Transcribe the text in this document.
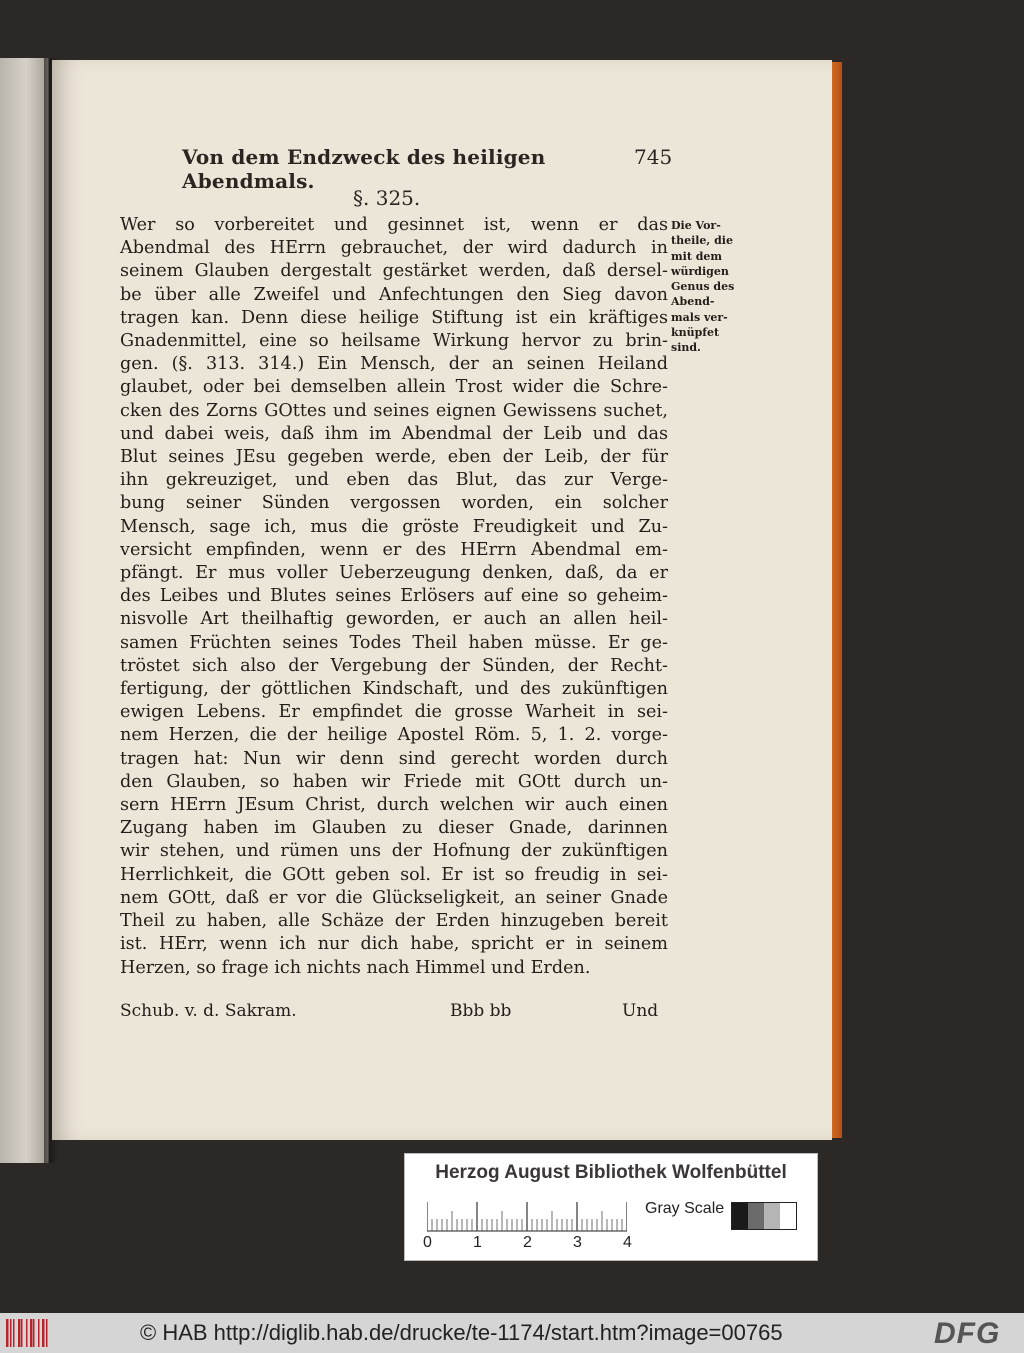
Von dem Endzweck des heiligen Abendmals.
745
§. 325.
Wer so vorbereitet und gesinnet ist, wenn er das
Abendmal des HErrn gebrauchet, der wird dadurch in
seinem Glauben dergestalt gestärket werden, daß dersel-
be über alle Zweifel und Anfechtungen den Sieg davon
tragen kan. Denn diese heilige Stiftung ist ein kräftiges
Gnadenmittel, eine so heilsame Wirkung hervor zu brin-
gen. (§. 313. 314.) Ein Mensch, der an seinen Heiland
glaubet, oder bei demselben allein Trost wider die Schre-
cken des Zorns GOttes und seines eignen Gewissens suchet,
und dabei weis, daß ihm im Abendmal der Leib und das
Blut seines JEsu gegeben werde, eben der Leib, der für
ihn gekreuziget, und eben das Blut, das zur Verge-
bung seiner Sünden vergossen worden, ein solcher
Mensch, sage ich, mus die gröste Freudigkeit und Zu-
versicht empfinden, wenn er des HErrn Abendmal em-
pfängt. Er mus voller Ueberzeugung denken, daß, da er
des Leibes und Blutes seines Erlösers auf eine so geheim-
nisvolle Art theilhaftig geworden, er auch an allen heil-
samen Früchten seines Todes Theil haben müsse. Er ge-
tröstet sich also der Vergebung der Sünden, der Recht-
fertigung, der göttlichen Kindschaft, und des zukünftigen
ewigen Lebens. Er empfindet die grosse Warheit in sei-
nem Herzen, die der heilige Apostel Röm. 5, 1. 2. vorge-
tragen hat: Nun wir denn sind gerecht worden durch
den Glauben, so haben wir Friede mit GOtt durch un-
sern HErrn JEsum Christ, durch welchen wir auch einen
Zugang haben im Glauben zu dieser Gnade, darinnen
wir stehen, und rümen uns der Hofnung der zukünftigen
Herrlichkeit, die GOtt geben sol. Er ist so freudig in sei-
nem GOtt, daß er vor die Glückseligkeit, an seiner Gnade
Theil zu haben, alle Schäze der Erden hinzugeben bereit
ist. HErr, wenn ich nur dich habe, spricht er in seinem
Herzen, so frage ich nichts nach Himmel und Erden.
Die Vor-
theile, die
mit dem
würdigen
Genus des
Abend-
mals ver-
knüpfet
sind.
Schub. v. d. Sakram.	Bbb bb	Und
Herzog August Bibliothek Wolfenbüttel
0	1	2	3	4
Gray Scale
© HAB http://diglib.hab.de/drucke/te-1174/start.htm?image=00765	DFG
